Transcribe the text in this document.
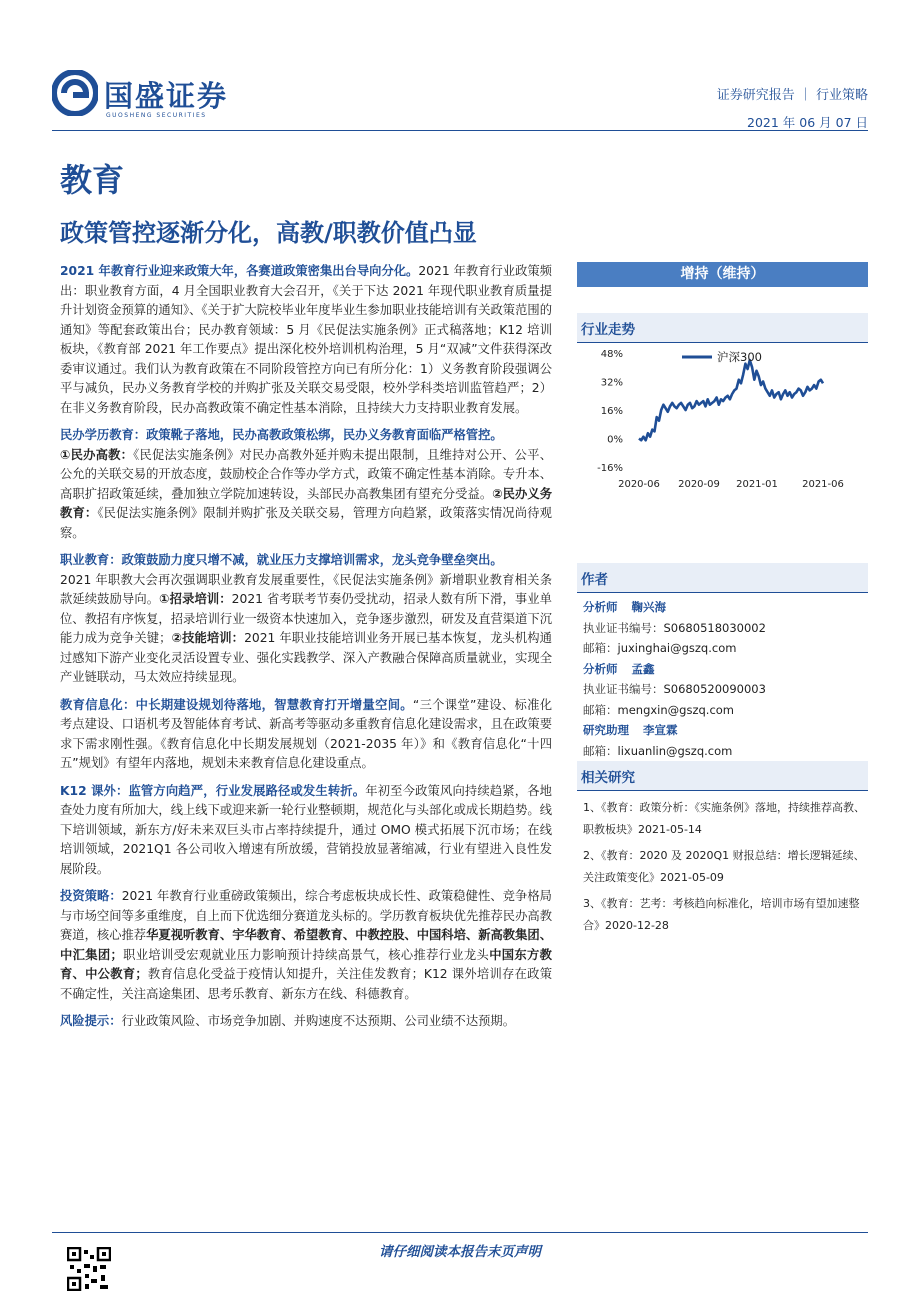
国盛证券
GUOSHENG SECURITIES
证券研究报告 ｜ 行业策略
2021 年 06 月 07 日
教育
政策管控逐渐分化，高教/职教价值凸显

2021 年教育行业迎来政策大年，各赛道政策密集出台导向分化。2021 年教育行业政策频出：职业教育方面，4 月全国职业教育大会召开，《关于下达 2021 年现代职业教育质量提升计划资金预算的通知》、《关于扩大院校毕业年度毕业生参加职业技能培训有关政策范围的通知》等配套政策出台；民办教育领域：5 月《民促法实施条例》正式稿落地；K12 培训板块，《教育部 2021 年工作要点》提出深化校外培训机构治理，5 月“双减”文件获得深改委审议通过。我们认为教育政策在不同阶段管控方向已有所分化：1）义务教育阶段强调公平与减负，民办义务教育学校的并购扩张及关联交易受限，校外学科类培训监管趋严；2）在非义务教育阶段，民办高教政策不确定性基本消除，且持续大力支持职业教育发展。

民办学历教育：政策靴子落地，民办高教政策松绑，民办义务教育面临严格管控。
①民办高教：《民促法实施条例》对民办高教外延并购未提出限制，且维持对公开、公平、公允的关联交易的开放态度，鼓励校企合作等办学方式，政策不确定性基本消除。专升本、高职扩招政策延续，叠加独立学院加速转设，头部民办高教集团有望充分受益。②民办义务教育：《民促法实施条例》限制并购扩张及关联交易，管理方向趋紧，政策落实情况尚待观察。

职业教育：政策鼓励力度只增不减，就业压力支撑培训需求，龙头竞争壁垒突出。
2021 年职教大会再次强调职业教育发展重要性，《民促法实施条例》新增职业教育相关条款延续鼓励导向。①招录培训：2021 省考联考节奏仍受扰动，招录人数有所下滑，事业单位、教招有序恢复，招录培训行业一级资本快速加入，竞争逐步激烈，研发及直营渠道下沉能力成为竞争关键；②技能培训：2021 年职业技能培训业务开展已基本恢复，龙头机构通过感知下游产业变化灵活设置专业、强化实践教学、深入产教融合保障高质量就业，实现全产业链联动，马太效应持续显现。

教育信息化：中长期建设规划待落地，智慧教育打开增量空间。“三个课堂”建设、标准化考点建设、口语机考及智能体育考试、新高考等驱动多重教育信息化建设需求，且在政策要求下需求刚性强。《教育信息化中长期发展规划（2021-2035 年）》和《教育信息化“十四五”规划》有望年内落地，规划未来教育信息化建设重点。

K12 课外：监管方向趋严，行业发展路径或发生转折。年初至今政策风向持续趋紧，各地查处力度有所加大，线上线下或迎来新一轮行业整顿期，规范化与头部化或成长期趋势。线下培训领域，新东方/好未来双巨头市占率持续提升，通过 OMO 模式拓展下沉市场；在线培训领域，2021Q1 各公司收入增速有所放缓，营销投放显著缩减，行业有望进入良性发展阶段。

投资策略：2021 年教育行业重磅政策频出，综合考虑板块成长性、政策稳健性、竞争格局与市场空间等多重维度，自上而下优选细分赛道龙头标的。学历教育板块优先推荐民办高教赛道，核心推荐华夏视听教育、宇华教育、希望教育、中教控股、中国科培、新高教集团、中汇集团；职业培训受宏观就业压力影响预计持续高景气，核心推荐行业龙头中国东方教育、中公教育；教育信息化受益于疫情认知提升，关注佳发教育；K12 课外培训存在政策不确定性，关注高途集团、思考乐教育、新东方在线、科德教育。

风险提示：行业政策风险、市场竞争加剧、并购速度不达预期、公司业绩不达预期。

增持（维持）
行业走势
48%
32%
16%
0%
-16%
2020-06 2020-09 2021-01 2021-06
沪深300
作者
分析师 鞠兴海
执业证书编号：S0680518030002
邮箱：juxinghai@gszq.com
分析师 孟鑫
执业证书编号：S0680520090003
邮箱：mengxin@gszq.com
研究助理 李宣霖
邮箱：lixuanlin@gszq.com
相关研究
1、《教育：政策分析：《实施条例》落地，持续推荐高教、职教板块》2021-05-14
2、《教育：2020 及 2020Q1 财报总结：增长逻辑延续、关注政策变化》2021-05-09
3、《教育：艺考：考核趋向标准化，培训市场有望加速整合》2020-12-28
请仔细阅读本报告末页声明
